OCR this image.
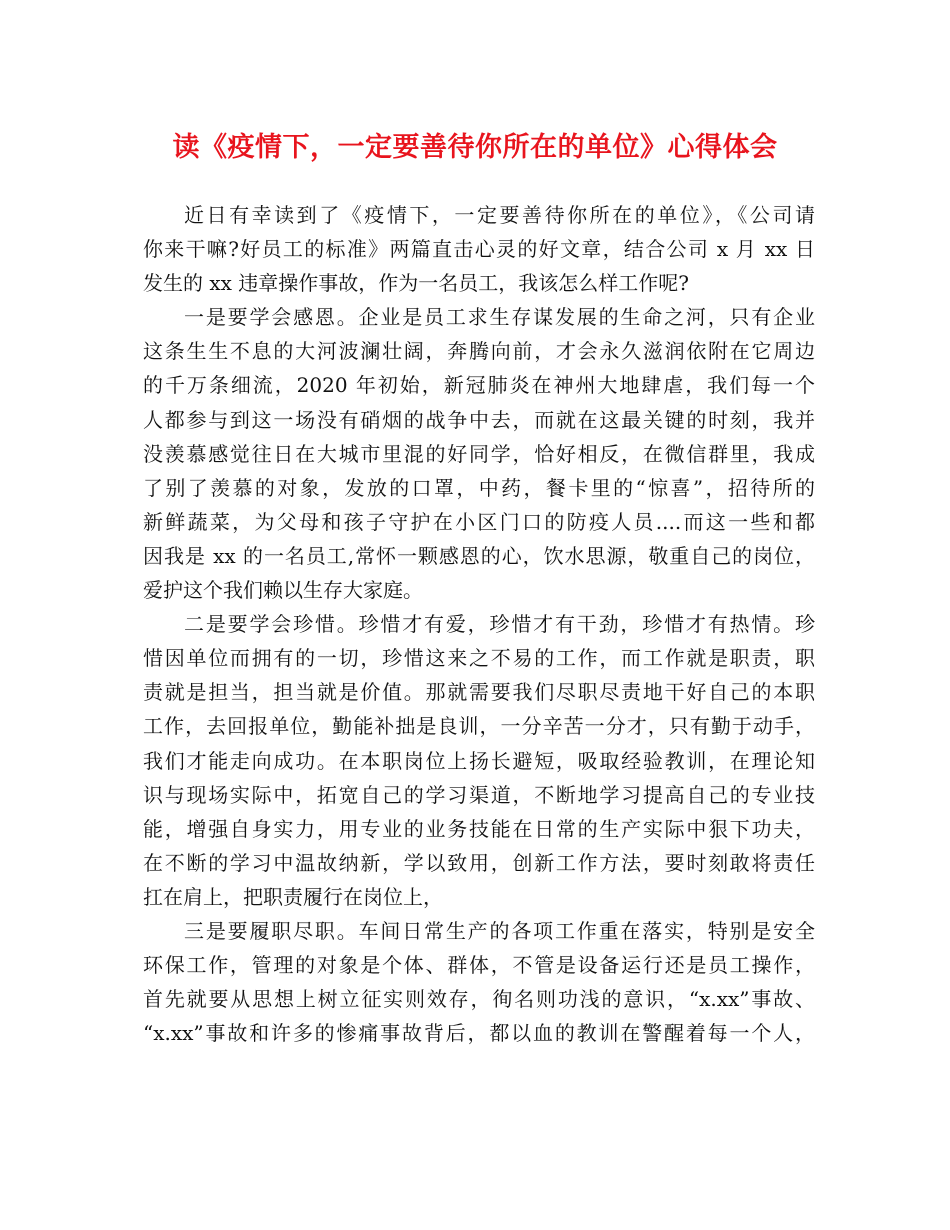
读《疫情下，一定要善待你所在的单位》心得体会
近日有幸读到了《疫情下，一定要善待你所在的单位》，《公司请
你来干嘛?好员工的标准》两篇直击心灵的好文章，结合公司 x 月 xx 日
发生的 xx 违章操作事故，作为一名员工，我该怎么样工作呢?
一是要学会感恩。企业是员工求生存谋发展的生命之河，只有企业
这条生生不息的大河波澜壮阔，奔腾向前，才会永久滋润依附在它周边
的千万条细流，2020 年初始，新冠肺炎在神州大地肆虐，我们每一个
人都参与到这一场没有硝烟的战争中去，而就在这最关键的时刻，我并
没羡慕感觉往日在大城市里混的好同学，恰好相反，在微信群里，我成
了别了羡慕的对象，发放的口罩，中药，餐卡里的“惊喜”，招待所的
新鲜蔬菜，为父母和孩子守护在小区门口的防疫人员....而这一些和都
因我是 xx 的一名员工,常怀一颗感恩的心，饮水思源，敬重自己的岗位，
爱护这个我们赖以生存大家庭。
二是要学会珍惜。珍惜才有爱，珍惜才有干劲，珍惜才有热情。珍
惜因单位而拥有的一切，珍惜这来之不易的工作，而工作就是职责，职
责就是担当，担当就是价值。那就需要我们尽职尽责地干好自己的本职
工作，去回报单位，勤能补拙是良训，一分辛苦一分才，只有勤于动手，
我们才能走向成功。在本职岗位上扬长避短，吸取经验教训，在理论知
识与现场实际中，拓宽自己的学习渠道，不断地学习提高自己的专业技
能，增强自身实力，用专业的业务技能在日常的生产实际中狠下功夫，
在不断的学习中温故纳新，学以致用，创新工作方法，要时刻敢将责任
扛在肩上，把职责履行在岗位上，
三是要履职尽职。车间日常生产的各项工作重在落实，特别是安全
环保工作，管理的对象是个体、群体，不管是设备运行还是员工操作，
首先就要从思想上树立征实则效存，徇名则功浅的意识，“x.xx”事故、
“x.xx”事故和许多的惨痛事故背后，都以血的教训在警醒着每一个人，
